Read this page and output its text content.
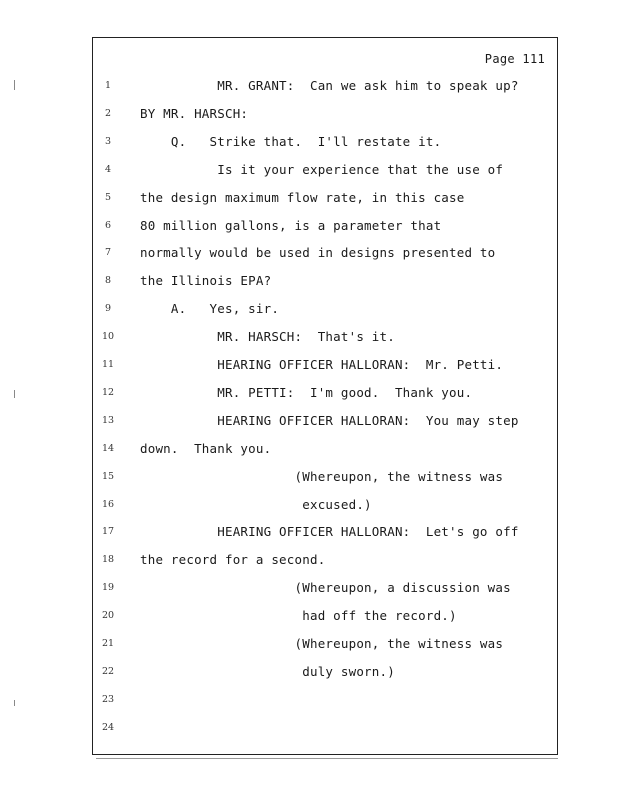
Page 111
1	MR. GRANT:  Can we ask him to speak up?
2	BY MR. HARSCH:
3	Q.   Strike that.  I'll restate it.
4	Is it your experience that the use of
5	the design maximum flow rate, in this case
6	80 million gallons, is a parameter that
7	normally would be used in designs presented to
8	the Illinois EPA?
9	A.   Yes, sir.
10	MR. HARSCH:  That's it.
11	HEARING OFFICER HALLORAN:  Mr. Petti.
12	MR. PETTI:  I'm good.  Thank you.
13	HEARING OFFICER HALLORAN:  You may step
14	down.  Thank you.
15	(Whereupon, the witness was
16	excused.)
17	HEARING OFFICER HALLORAN:  Let's go off
18	the record for a second.
19	(Whereupon, a discussion was
20	had off the record.)
21	(Whereupon, the witness was
22	duly sworn.)
23
24
